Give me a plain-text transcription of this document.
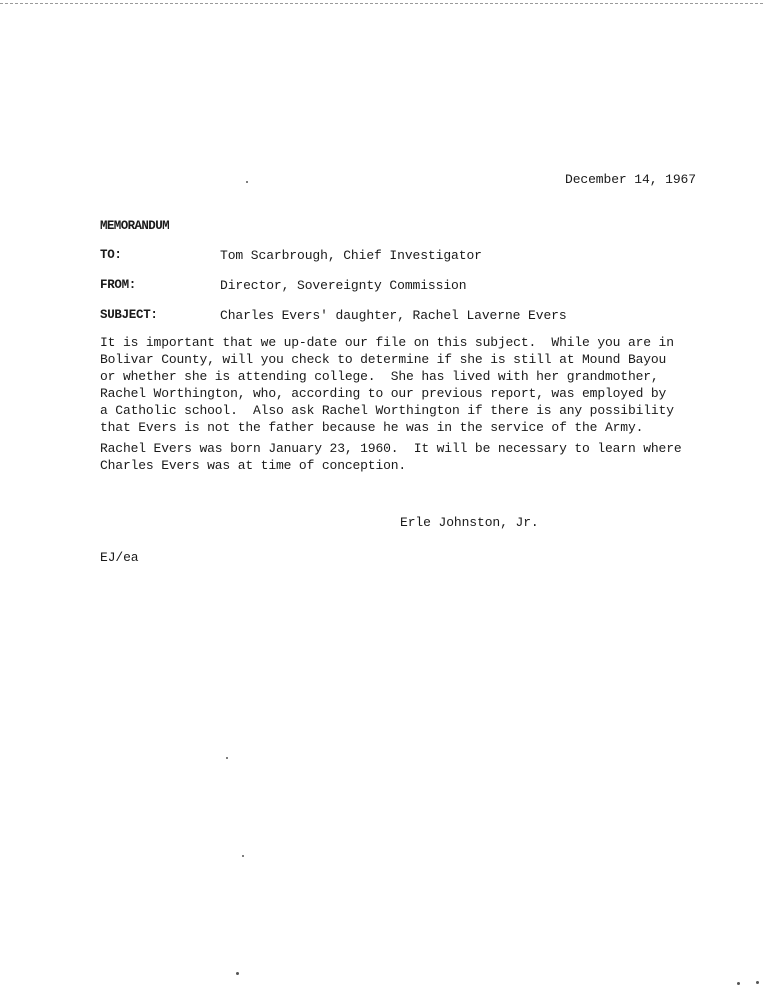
December 14, 1967
MEMORANDUM
TO:	Tom Scarbrough, Chief Investigator
FROM:	Director, Sovereignty Commission
SUBJECT:	Charles Evers' daughter, Rachel Laverne Evers
It is important that we up-date our file on this subject.  While you are in
Bolivar County, will you check to determine if she is still at Mound Bayou
or whether she is attending college.  She has lived with her grandmother,
Rachel Worthington, who, according to our previous report, was employed by
a Catholic school.  Also ask Rachel Worthington if there is any possibility
that Evers is not the father because he was in the service of the Army.
Rachel Evers was born January 23, 1960.  It will be necessary to learn where
Charles Evers was at time of conception.
Erle Johnston, Jr.
EJ/ea
